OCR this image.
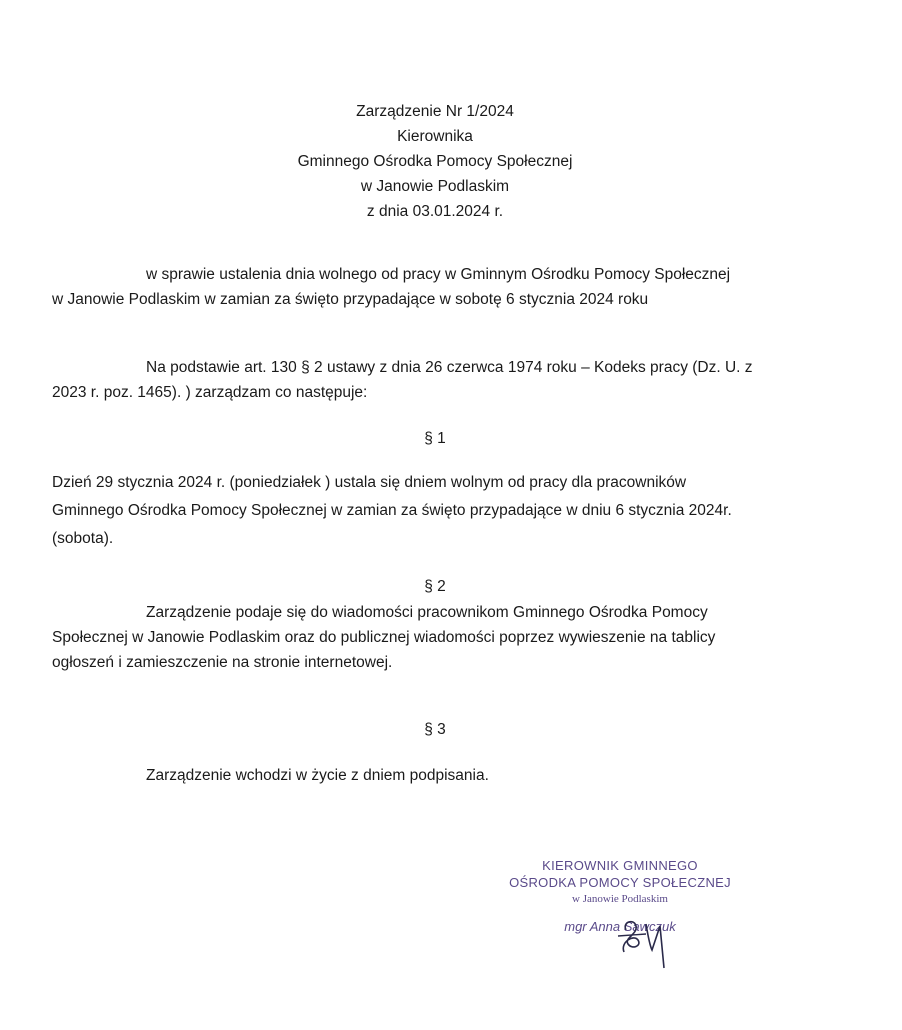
Zarządzenie Nr 1/2024
Kierownika
Gminnego Ośrodka Pomocy Społecznej
w Janowie Podlaskim
z dnia 03.01.2024 r.
w sprawie ustalenia dnia wolnego od pracy w Gminnym Ośrodku Pomocy Społecznej
w Janowie Podlaskim w zamian za święto przypadające w sobotę 6 stycznia 2024 roku
Na podstawie art. 130 § 2 ustawy z dnia 26 czerwca 1974 roku – Kodeks pracy (Dz. U. z
2023 r. poz. 1465). ) zarządzam co następuje:
§ 1
Dzień 29 stycznia 2024 r. (poniedziałek ) ustala się dniem wolnym od pracy dla pracowników
Gminnego Ośrodka Pomocy Społecznej w zamian za święto przypadające w dniu 6 stycznia 2024r.
(sobota).
§ 2
Zarządzenie podaje się do wiadomości pracownikom Gminnego Ośrodka Pomocy
Społecznej w Janowie Podlaskim oraz do publicznej wiadomości poprzez wywieszenie na tablicy
ogłoszeń i zamieszczenie na stronie internetowej.
§ 3
Zarządzenie wchodzi w życie z dniem podpisania.
KIEROWNIK GMINNEGO
OŚRODKA POMOCY SPOŁECZNEJ
w Janowie Podlaskim
mgr Anna Sawczuk
